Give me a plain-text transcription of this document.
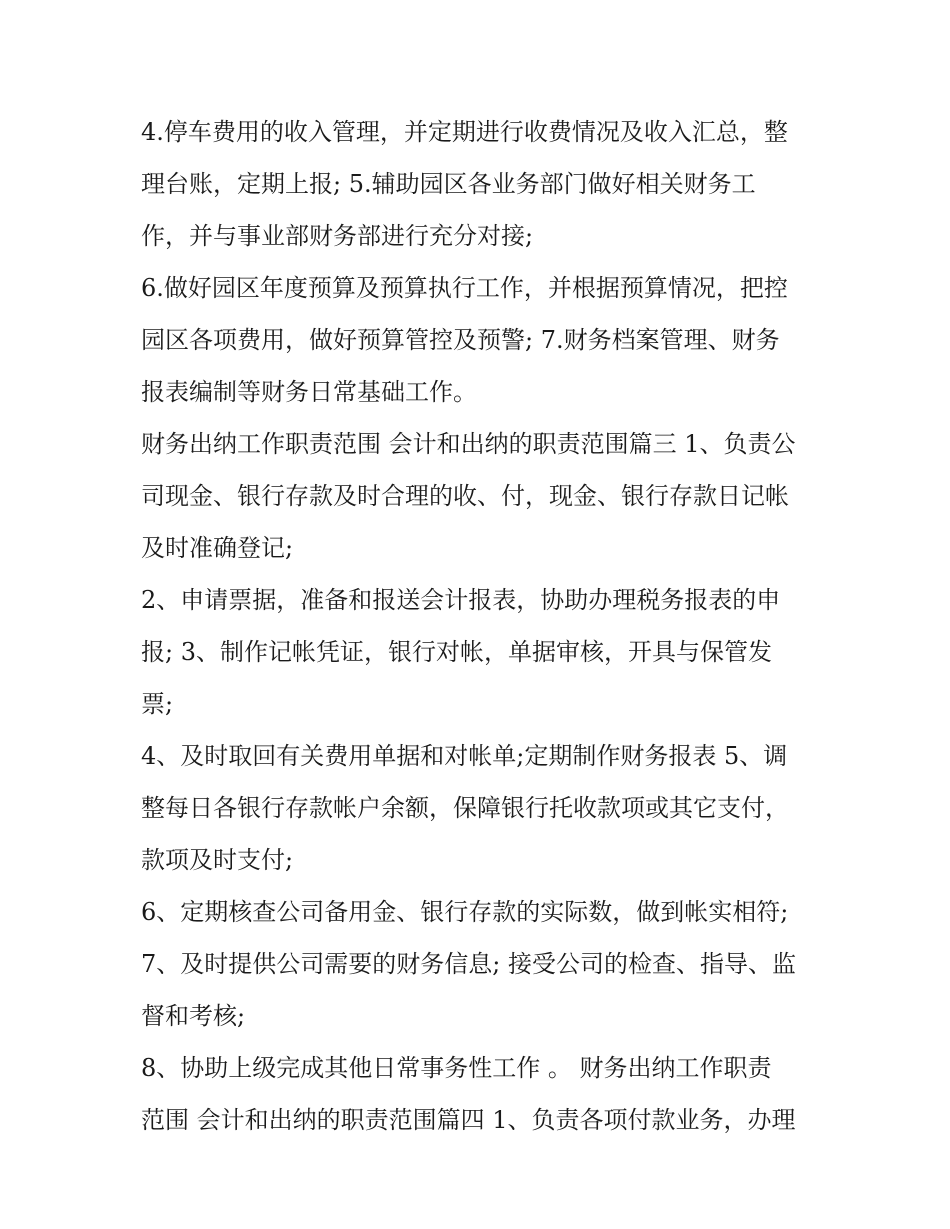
4.停车费用的收入管理，并定期进行收费情况及收入汇总，整
理台账，定期上报; 5.辅助园区各业务部门做好相关财务工
作，并与事业部财务部进行充分对接;
6.做好园区年度预算及预算执行工作，并根据预算情况，把控
园区各项费用，做好预算管控及预警; 7.财务档案管理、财务
报表编制等财务日常基础工作。
财务出纳工作职责范围 会计和出纳的职责范围篇三 1、负责公
司现金、银行存款及时合理的收、付，现金、银行存款日记帐
及时准确登记;
2、申请票据，准备和报送会计报表，协助办理税务报表的申
报; 3、制作记帐凭证，银行对帐，单据审核，开具与保管发
票;
4、及时取回有关费用单据和对帐单;定期制作财务报表 5、调
整每日各银行存款帐户余额，保障银行托收款项或其它支付，
款项及时支付;
6、定期核查公司备用金、银行存款的实际数，做到帐实相符;
7、及时提供公司需要的财务信息; 接受公司的检查、指导、监
督和考核;
8、协助上级完成其他日常事务性工作 。 财务出纳工作职责
范围 会计和出纳的职责范围篇四 1、负责各项付款业务，办理
